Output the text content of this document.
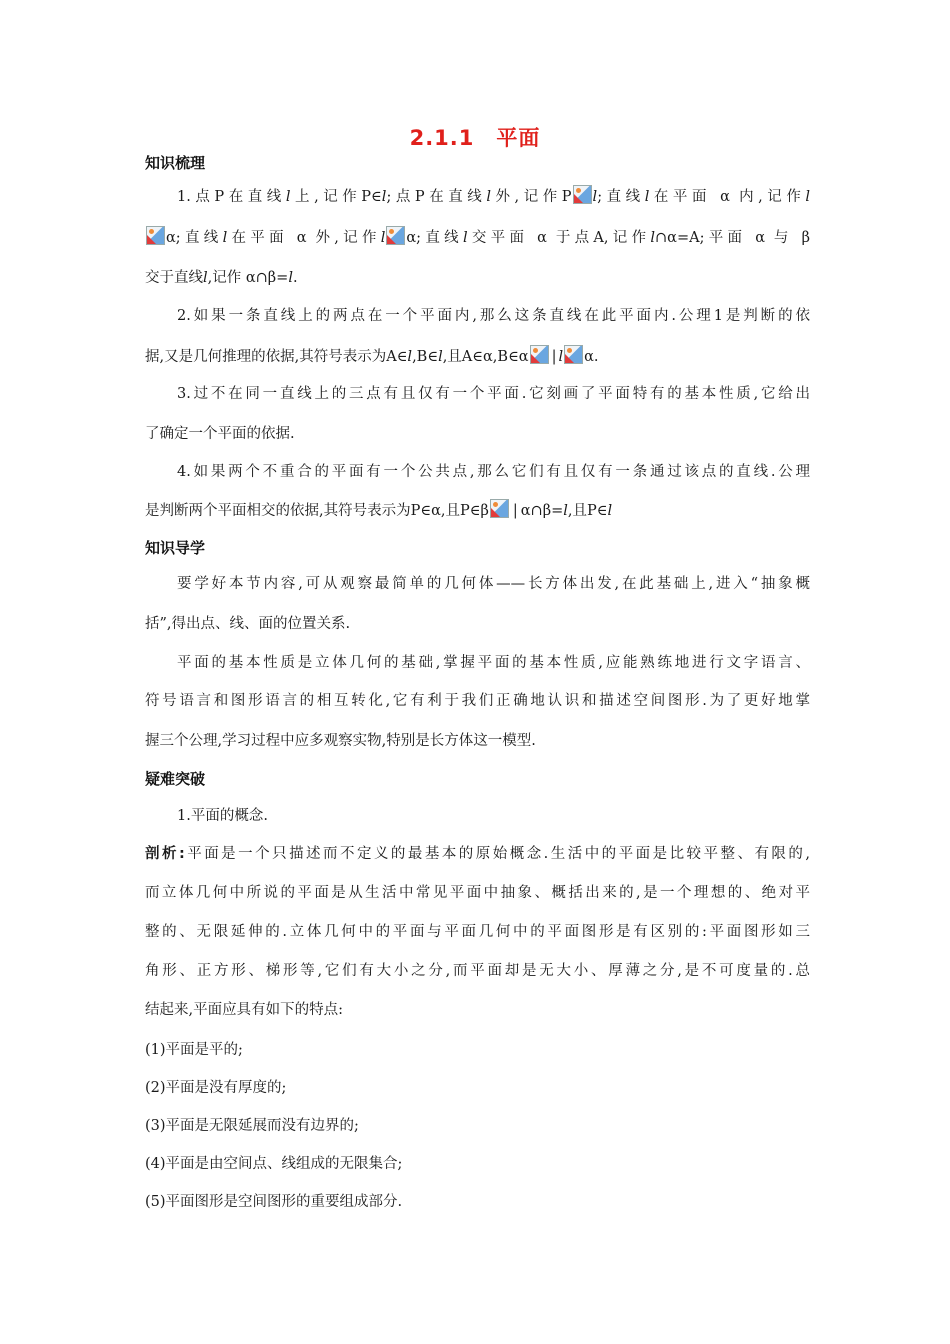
2.1.1　平面
知识梳理
1.点P在直线l上,记作P∈l;点P在直线l外,记作P l;直线l在平面 α 内,记作l
α;直线l在平面 α 外,记作l α;直线l交平面 α 于点A,记作l∩α=A;平面 α 与 β
交于直线l,记作 α∩β=l.
2.如果一条直线上的两点在一个平面内,那么这条直线在此平面内.公理1是判断的依
据,又是几何推理的依据,其符号表示为A∈l,B∈l,且A∈α,B∈α | l α.
3.过不在同一直线上的三点有且仅有一个平面.它刻画了平面特有的基本性质,它给出
了确定一个平面的依据.
4.如果两个不重合的平面有一个公共点,那么它们有且仅有一条通过该点的直线.公理
是判断两个平面相交的依据,其符号表示为P∈α,且P∈β | α∩β=l,且P∈l
知识导学
要学好本节内容,可从观察最简单的几何体——长方体出发,在此基础上,进入“抽象概
括”,得出点、线、面的位置关系.
平面的基本性质是立体几何的基础,掌握平面的基本性质,应能熟练地进行文字语言、
符号语言和图形语言的相互转化,它有利于我们正确地认识和描述空间图形.为了更好地掌
握三个公理,学习过程中应多观察实物,特别是长方体这一模型.
疑难突破
1.平面的概念.
剖析:平面是一个只描述而不定义的最基本的原始概念.生活中的平面是比较平整、有限的,
而立体几何中所说的平面是从生活中常见平面中抽象、概括出来的,是一个理想的、绝对平
整的、无限延伸的.立体几何中的平面与平面几何中的平面图形是有区别的:平面图形如三
角形、正方形、梯形等,它们有大小之分,而平面却是无大小、厚薄之分,是不可度量的.总
结起来,平面应具有如下的特点:
(1)平面是平的;
(2)平面是没有厚度的;
(3)平面是无限延展而没有边界的;
(4)平面是由空间点、线组成的无限集合;
(5)平面图形是空间图形的重要组成部分.
